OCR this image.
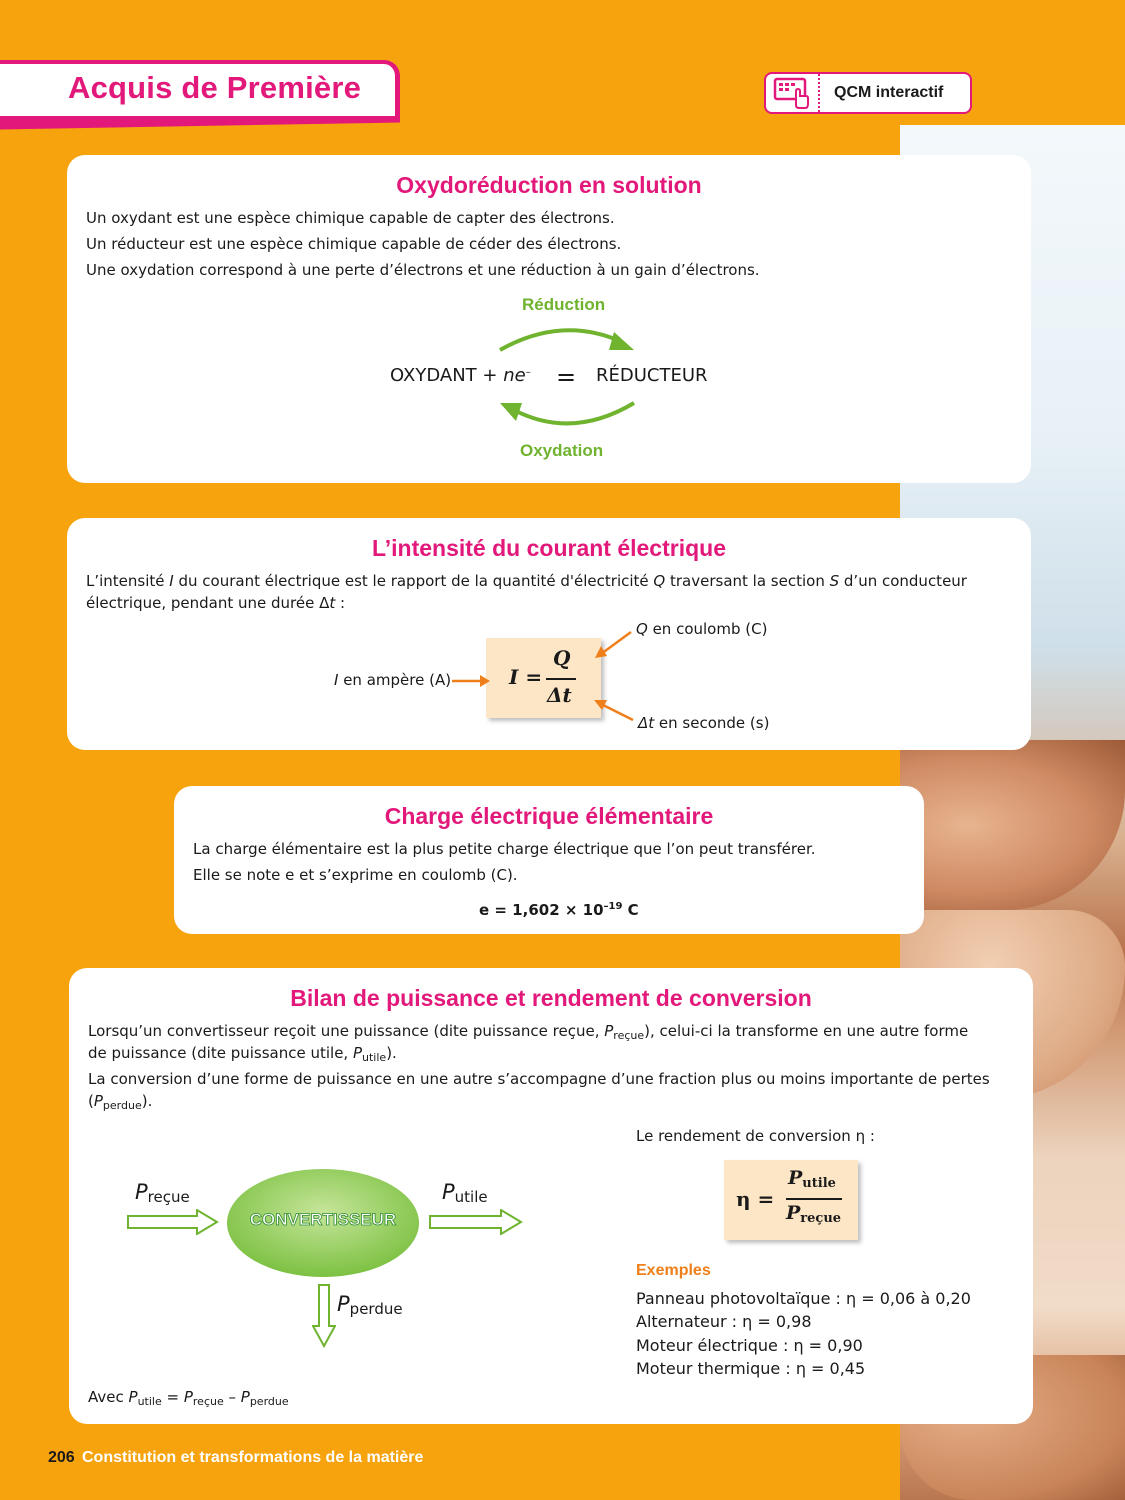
Acquis de Première	QCM interactif
Oxydoréduction en solution
Un oxydant est une espèce chimique capable de capter des électrons.
Un réducteur est une espèce chimique capable de céder des électrons.
Une oxydation correspond à une perte d’électrons et une réduction à un gain d’électrons.
Réduction
OXYDANT + ne– = RÉDUCTEUR
Oxydation
L’intensité du courant électrique
L’intensité I du courant électrique est le rapport de la quantité d'électricité Q traversant la section S d’un conducteur
électrique, pendant une durée Δt :
I =
Q
Δt
I en ampère (A)
Q en coulomb (C)
Δt en seconde (s)
Charge électrique élémentaire
La charge élémentaire est la plus petite charge électrique que l’on peut transférer.
Elle se note e et s’exprime en coulomb (C).
$e = 1,602 \times 10^{-19}$ C
Bilan de puissance et rendement de conversion
Lorsqu’un convertisseur reçoit une puissance (dite puissance reçue, $P_{reçue}$), celui-ci la transforme en une autre forme
de puissance (dite puissance utile, $P_{utile}$).
La conversion d’une forme de puissance en une autre s’accompagne d’une fraction plus ou moins importante de pertes
$(P_{perdue})$.
$P_{reçue}$
CONVERTISSEUR
$P_{utile}$
$P_{perdue}$
Avec $P_{utile} = P_{reçue} - P_{perdue}$
Le rendement de conversion η :
η =
$P_{utile}$
$P_{reçue}$
Exemples
Panneau photovoltaïque : η = 0,06 à 0,20
Alternateur : η = 0,98
Moteur électrique : η = 0,90
Moteur thermique : η = 0,45
206 Constitution et transformations de la matière
